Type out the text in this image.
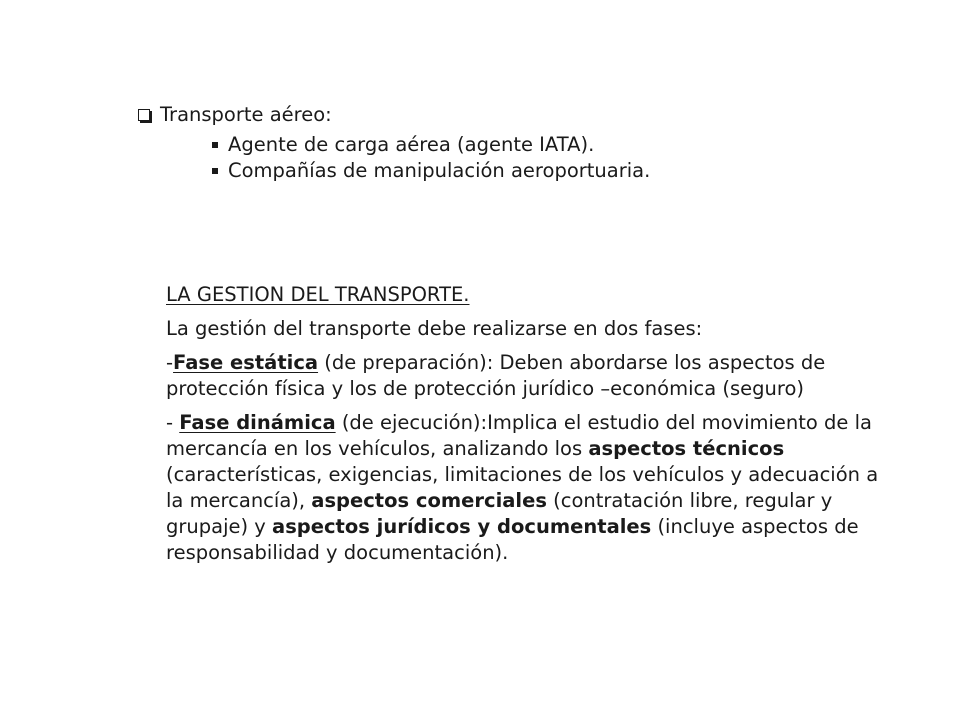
Transporte aéreo:
Agente de carga aérea (agente IATA).
Compañías de manipulación aeroportuaria.

LA GESTION DEL TRANSPORTE.

La gestión del transporte debe realizarse en dos fases:

-Fase estática (de preparación): Deben abordarse los aspectos de protección física y los de protección jurídico –económica (seguro)

- Fase dinámica (de ejecución):Implica el estudio del movimiento de la mercancía en los vehículos, analizando los aspectos técnicos (características, exigencias, limitaciones de los vehículos y adecuación a la mercancía), aspectos comerciales (contratación libre, regular y grupaje) y aspectos jurídicos y documentales (incluye aspectos de responsabilidad y documentación).
